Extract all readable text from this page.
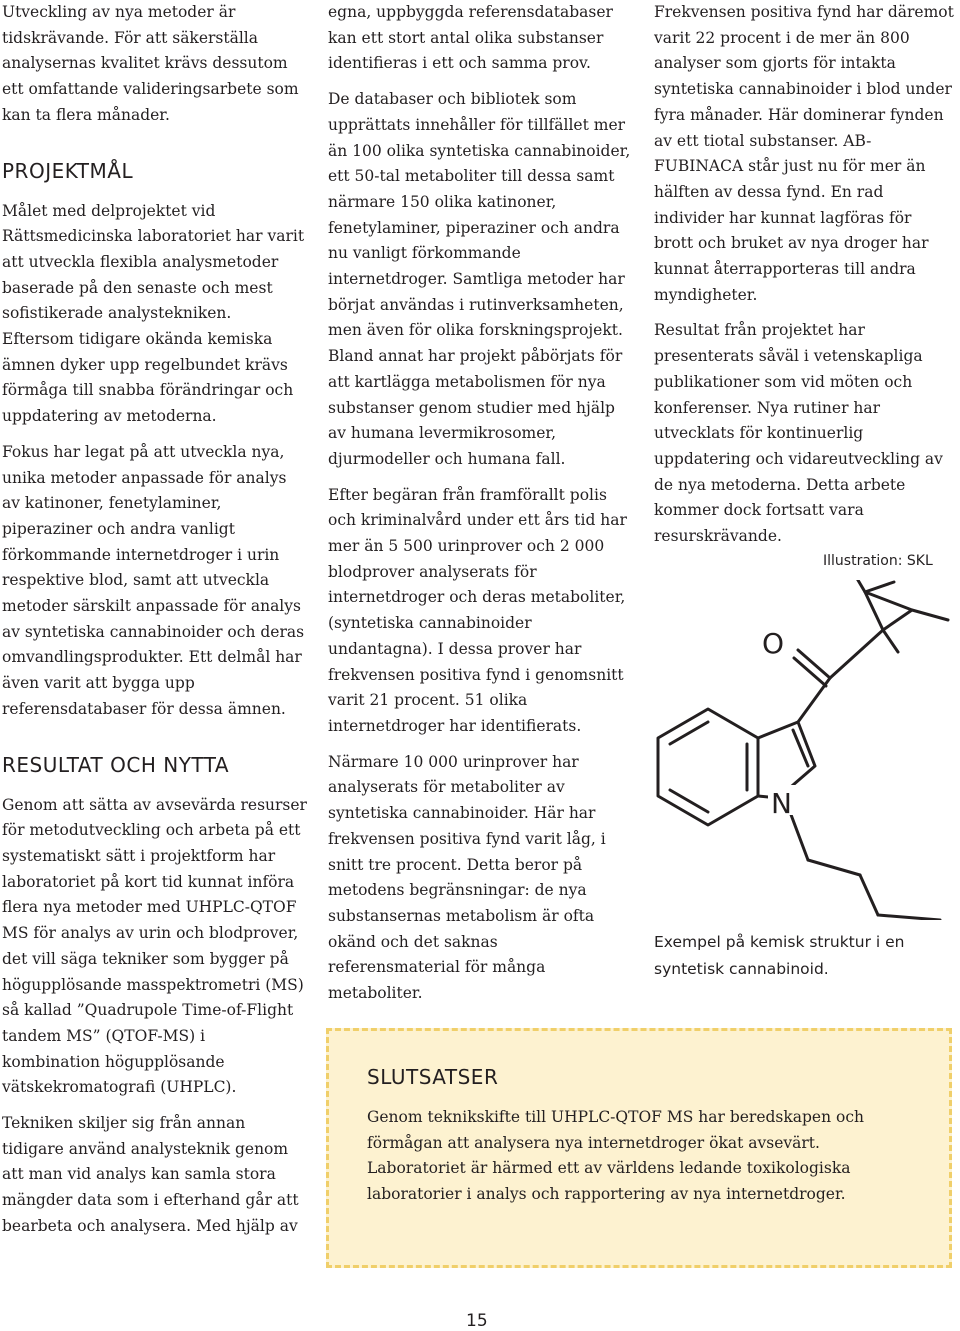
Utveckling av nya metoder är tidskrävande. För att säkerställa analysernas kvalitet krävs dessutom ett omfattande valideringsarbete som kan ta flera månader.

PROJEKTMÅL

Målet med delprojektet vid Rättsmedicinska laboratoriet har varit att utveckla flexibla analysmetoder baserade på den senaste och mest sofistikerade analystekniken. Eftersom tidigare okända kemiska ämnen dyker upp regelbundet krävs förmåga till snabba förändringar och uppdatering av metoderna.

Fokus har legat på att utveckla nya, unika metoder anpassade för analys av katinoner, fenetylaminer, piperaziner och andra vanligt förkommande internetdroger i urin respektive blod, samt att utveckla metoder särskilt anpassade för analys av syntetiska cannabinoider och deras omvandlingsprodukter. Ett delmål har även varit att bygga upp referensdatabaser för dessa ämnen.

RESULTAT OCH NYTTA

Genom att sätta av avsevärda resurser för metodutveckling och arbeta på ett systematiskt sätt i projektform har laboratoriet på kort tid kunnat införa flera nya metoder med UHPLC-QTOF MS för analys av urin och blodprover, det vill säga tekniker som bygger på högupplösande masspektrometri (MS) så kallad ”Quadrupole Time-of-Flight tandem MS” (QTOF-MS) i kombination högupplösande vätskekromatografi (UHPLC).

Tekniken skiljer sig från annan tidigare använd analysteknik genom att man vid analys kan samla stora mängder data som i efterhand går att bearbeta och analysera. Med hjälp av

egna, uppbyggda referensdatabaser kan ett stort antal olika substanser identifieras i ett och samma prov.

De databaser och bibliotek som upprättats innehåller för tillfället mer än 100 olika syntetiska cannabinoider, ett 50-tal metaboliter till dessa samt närmare 150 olika katinoner, fenetylaminer, piperaziner och andra nu vanligt förkommande internetdroger. Samtliga metoder har börjat användas i rutinverksamheten, men även för olika forskningsprojekt. Bland annat har projekt påbörjats för att kartlägga metabolismen för nya substanser genom studier med hjälp av humana levermikrosomer, djurmodeller och humana fall.

Efter begäran från framförallt polis och kriminalvård under ett års tid har mer än 5 500 urinprover och 2 000 blodprover analyserats för internetdroger och deras metaboliter, (syntetiska cannabinoider undantagna). I dessa prover har frekvensen positiva fynd i genomsnitt varit 21 procent. 51 olika internetdroger har identifierats.

Närmare 10 000 urinprover har analyserats för metaboliter av syntetiska cannabinoider. Här har frekvensen positiva fynd varit låg, i snitt tre procent. Detta beror på metodens begränsningar: de nya substansernas metabolism är ofta okänd och det saknas referensmaterial för många metaboliter.

Frekvensen positiva fynd har däremot varit 22 procent i de mer än 800 analyser som gjorts för intakta syntetiska cannabinoider i blod under fyra månader. Här dominerar fynden av ett tiotal substanser. AB-FUBINACA står just nu för mer än hälften av dessa fynd. En rad individer har kunnat lagföras för brott och bruket av nya droger har kunnat återrapporteras till andra myndigheter.

Resultat från projektet har presenterats såväl i vetenskapliga publikationer som vid möten och konferenser. Nya rutiner har utvecklats för kontinuerlig uppdatering och vidareutveckling av de nya metoderna. Detta arbete kommer dock fortsatt vara resurskrävande.

Illustration: SKL
N
O
Exempel på kemisk struktur i en syntetisk cannabinoid.
SLUTSATSER

Genom teknikskifte till UHPLC-QTOF MS har beredskapen och förmågan att analysera nya internetdroger ökat avsevärt. Laboratoriet är härmed ett av världens ledande toxikologiska laboratorier i analys och rapportering av nya internetdroger.

15
